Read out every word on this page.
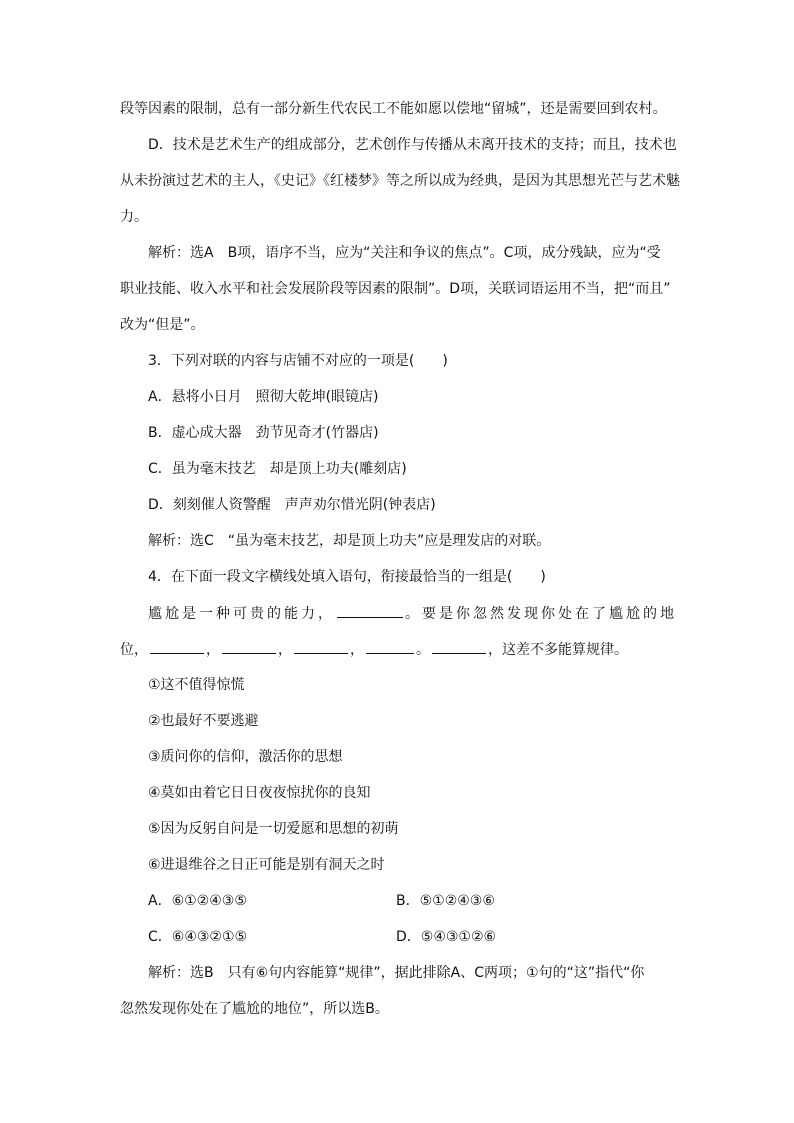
段等因素的限制，总有一部分新生代农民工不能如愿以偿地“留城”，还是需要回到农村。
D．技术是艺术生产的组成部分，艺术创作与传播从未离开技术的支持；而且，技术也
从未扮演过艺术的主人，《史记》《红楼梦》等之所以成为经典，是因为其思想光芒与艺术魅
力。
解析：选A　B项，语序不当，应为“关注和争议的焦点”。C项，成分残缺，应为“受
职业技能、收入水平和社会发展阶段等因素的限制”。D项，关联词语运用不当，把“而且”
改为“但是”。
3．下列对联的内容与店铺不对应的一项是(　　)
A．悬将小日月　照彻大乾坤(眼镜店)
B．虚心成大器　劲节见奇才(竹器店)
C．虽为毫末技艺　却是顶上功夫(雕刻店)
D．刻刻催人资警醒　声声劝尔惜光阴(钟表店)
解析：选C　“虽为毫末技艺，却是顶上功夫”应是理发店的对联。
4．在下面一段文字横线处填入语句，衔接最恰当的一组是(　　)
尴尬是一种可贵的能力，	。要是你忽然发现你处在了尴尬的地
位，	，	，	，	。	，这差不多能算规律。
①这不值得惊慌
②也最好不要逃避
③质问你的信仰，激活你的思想
④莫如由着它日日夜夜惊扰你的良知
⑤因为反躬自问是一切爱愿和思想的初萌
⑥进退维谷之日正可能是别有洞天之时
A．⑥①②④③⑤	B．⑤①②④③⑥
C．⑥④③②①⑤	D．⑤④③①②⑥
解析：选B　只有⑥句内容能算“规律”，据此排除A、C两项；①句的“这”指代“你
忽然发现你处在了尴尬的地位”，所以选B。
